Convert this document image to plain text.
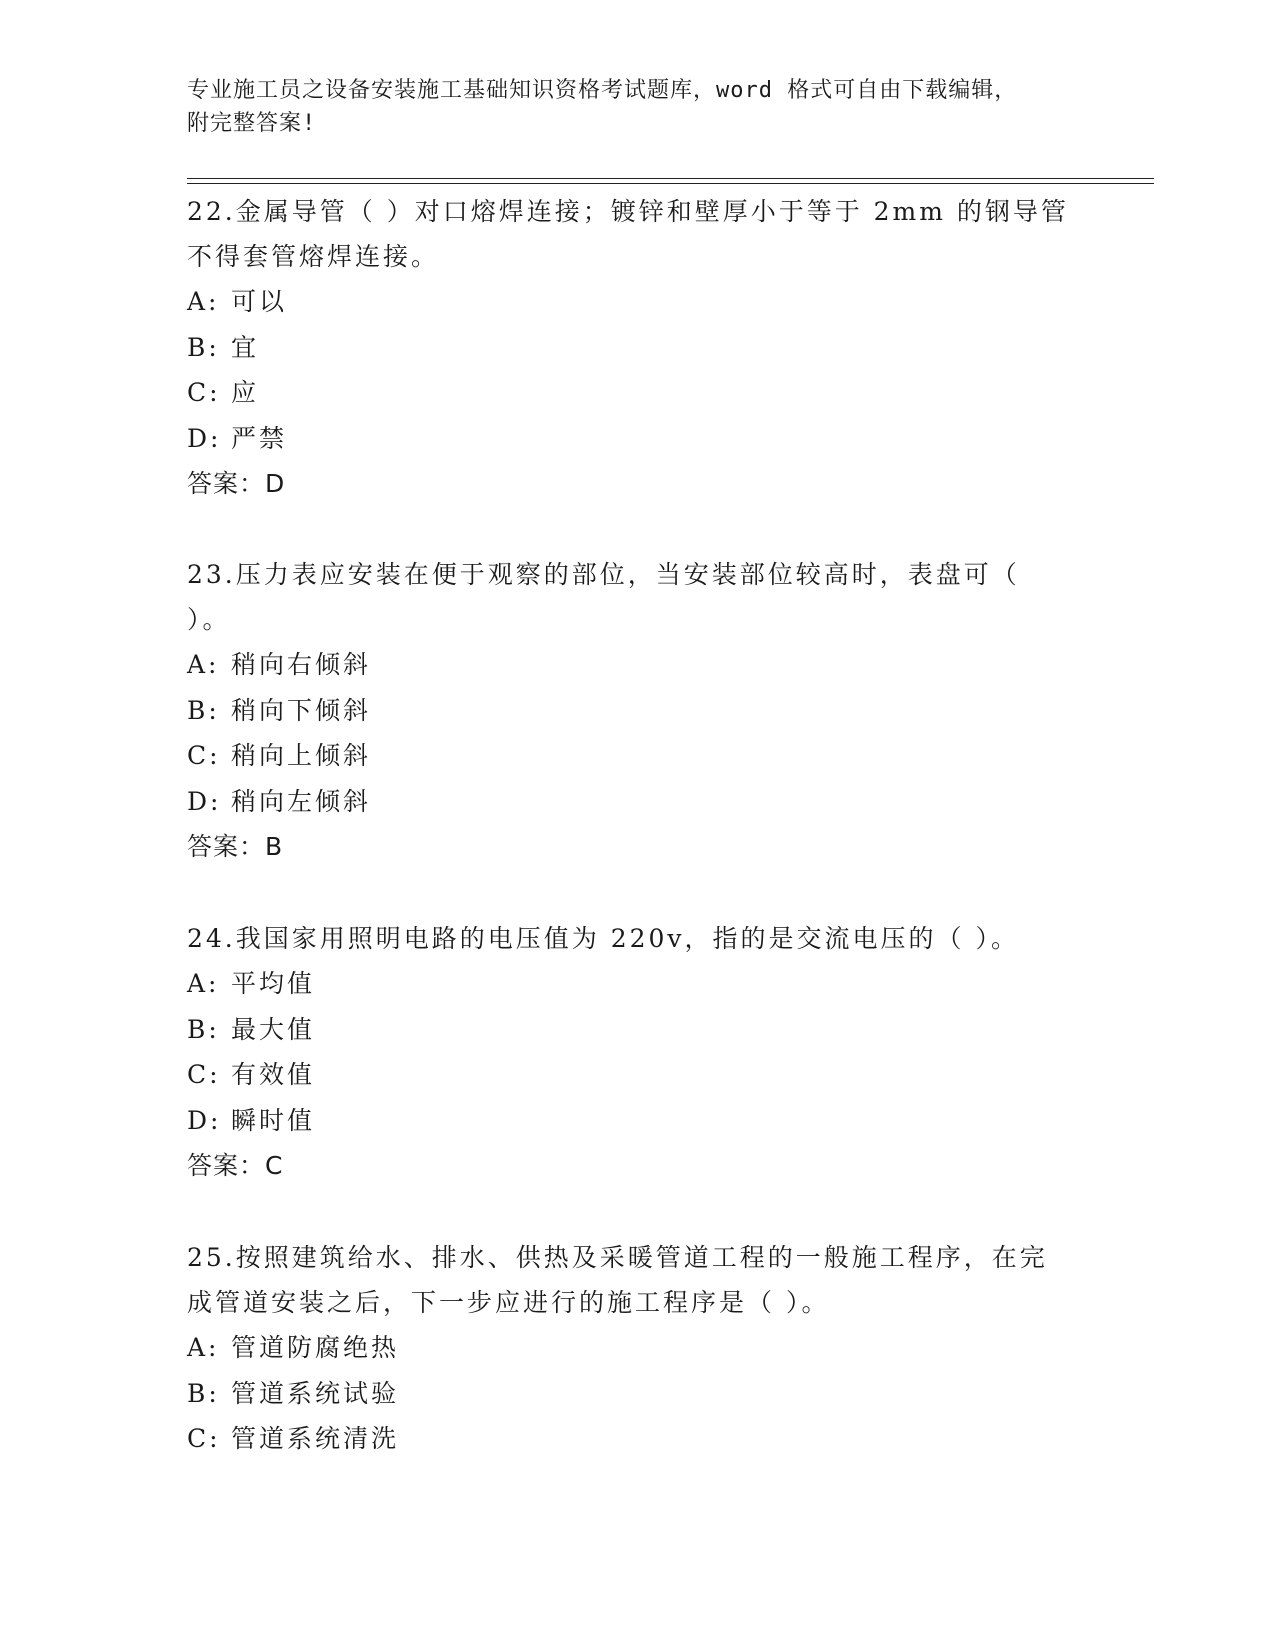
专业施工员之设备安装施工基础知识资格考试题库，word 格式可自由下载编辑，
附完整答案!
22.金属导管（ ）对口熔焊连接；镀锌和壁厚小于等于 2mm 的钢导管
不得套管熔焊连接。
A: 可以
B: 宜
C: 应
D: 严禁
答案：D
23.压力表应安装在便于观察的部位，当安装部位较高时，表盘可（
）。
A: 稍向右倾斜
B: 稍向下倾斜
C: 稍向上倾斜
D: 稍向左倾斜
答案：B
24.我国家用照明电路的电压值为 220v，指的是交流电压的（ ）。
A: 平均值
B: 最大值
C: 有效值
D: 瞬时值
答案：C
25.按照建筑给水、排水、供热及采暖管道工程的一般施工程序，在完
成管道安装之后，下一步应进行的施工程序是（ ）。
A: 管道防腐绝热
B: 管道系统试验
C: 管道系统清洗
